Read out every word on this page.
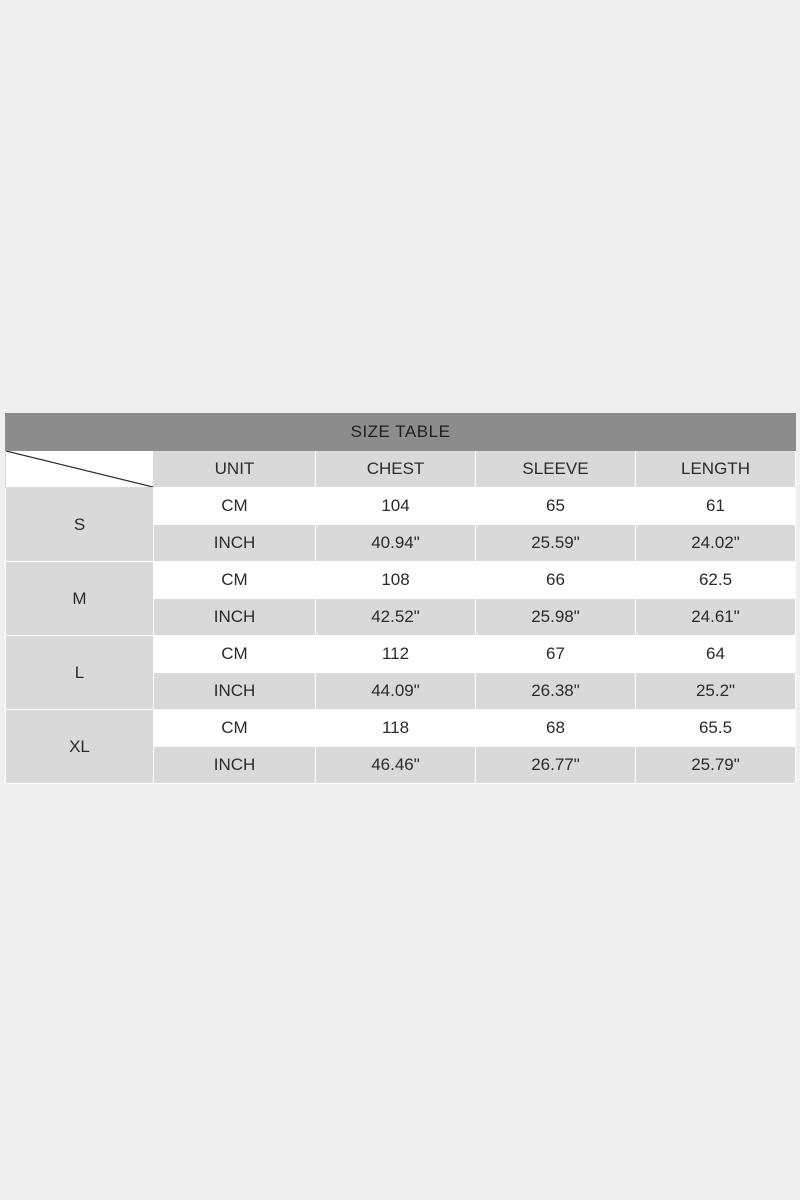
SIZE TABLE				

	UNIT	CHEST	SLEEVE	LENGTH
S	CM	104	65	61
	INCH	40.94"	25.59"	24.02"
M	CM	108	66	62.5
	INCH	42.52"	25.98"	24.61"
L	CM	112	67	64
	INCH	44.09"	26.38"	25.2"
XL	CM	118	68	65.5
	INCH	46.46"	26.77"	25.79"
